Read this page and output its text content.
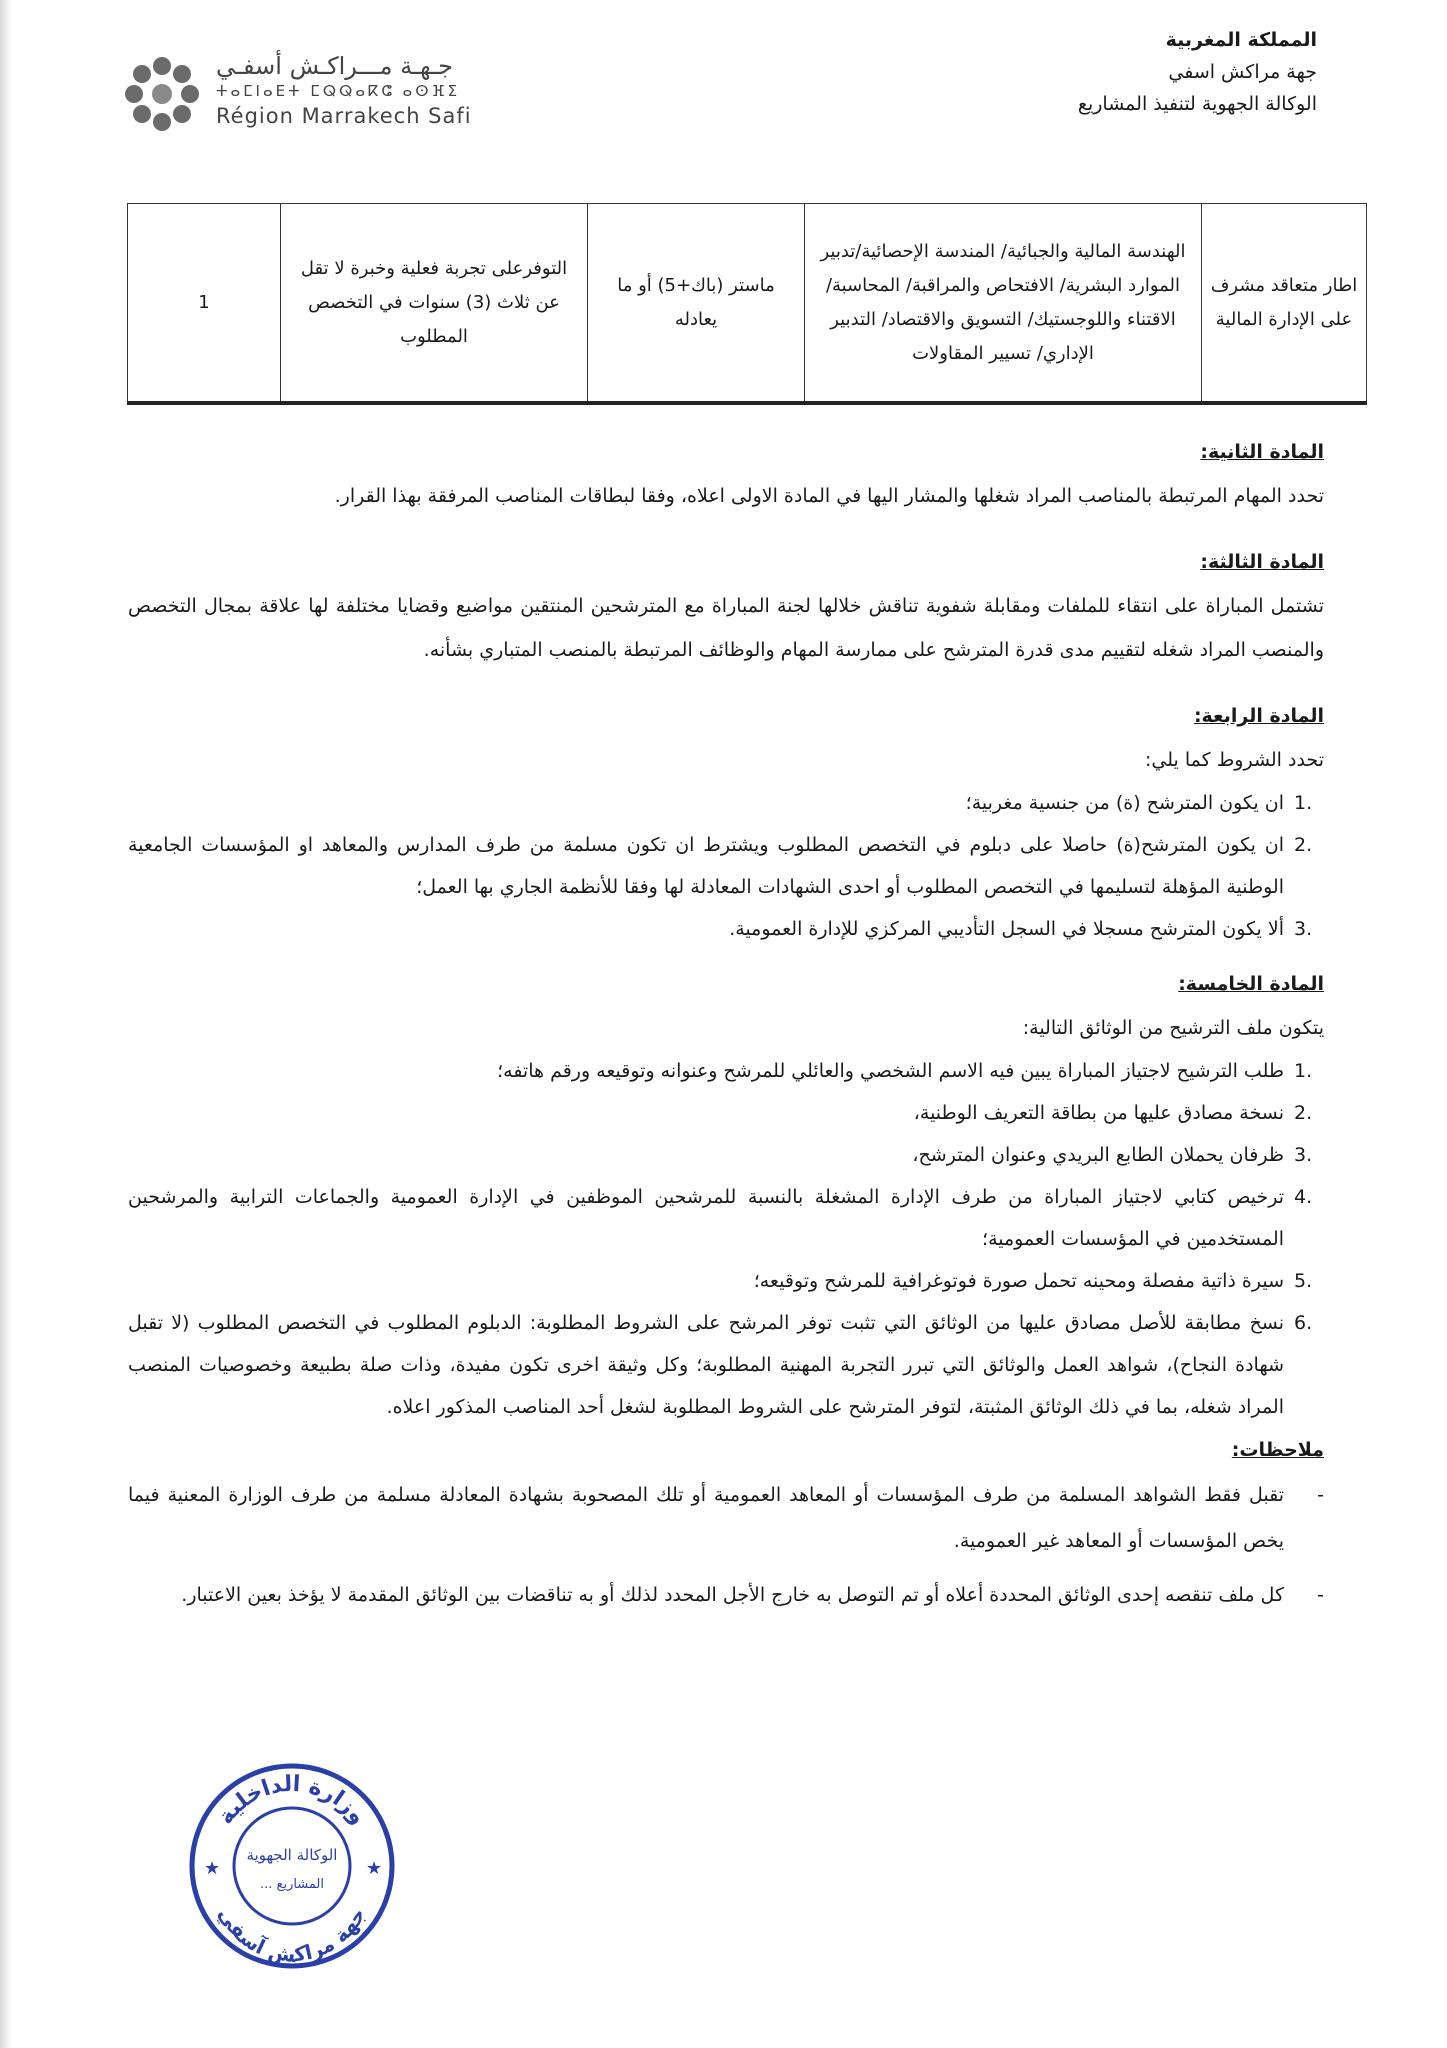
المملكة المغربية
جهة مراكش اسفي
الوكالة الجهوية لتنفيذ المشاريع
جـهـة مـــراكـش أسفـي
ⵜⴰⵎⵏⴰⴹⵜ ⵎⵕⵕⴰⴽⵛ ⴰⵙⴼⵉ
Région Marrakech Safi
اطار متعاقد مشرف على الإدارة المالية	الهندسة المالية والجبائية/ المندسة الإحصائية/تدبير الموارد البشرية/ الافتحاص والمراقبة/ المحاسبة/ الاقتناء واللوجستيك/ التسويق والاقتصاد/ التدبير الإداري/ تسيير المقاولات	ماستر (باك+5) أو ما يعادله	التوفرعلى تجربة فعلية وخبرة لا تقل عن ثلاث (3) سنوات في التخصص المطلوب	1

المادة الثانية:

تحدد المهام المرتبطة بالمناصب المراد شغلها والمشار اليها في المادة الاولى اعلاه، وفقا لبطاقات المناصب المرفقة بهذا القرار.

المادة الثالثة:

تشتمل المباراة على انتقاء للملفات ومقابلة شفوية تناقش خلالها لجنة المباراة مع المترشحين المنتقين مواضيع وقضايا مختلفة لها علاقة بمجال التخصص والمنصب المراد شغله لتقييم مدى قدرة المترشح على ممارسة المهام والوظائف المرتبطة بالمنصب المتباري بشأنه.

المادة الرابعة:

تحدد الشروط كما يلي:

1.
ان يكون المترشح (ة) من جنسية مغربية؛
2.
ان يكون المترشح(ة) حاصلا على دبلوم في التخصص المطلوب ويشترط ان تكون مسلمة من طرف المدارس والمعاهد او المؤسسات الجامعية الوطنية المؤهلة لتسليمها في التخصص المطلوب أو احدى الشهادات المعادلة لها وفقا للأنظمة الجاري بها العمل؛
3.
ألا يكون المترشح مسجلا في السجل التأديبي المركزي للإدارة العمومية.

المادة الخامسة:

يتكون ملف الترشيح من الوثائق التالية:

1.
طلب الترشيح لاجتياز المباراة يبين فيه الاسم الشخصي والعائلي للمرشح وعنوانه وتوقيعه ورقم هاتفه؛
2.
نسخة مصادق عليها من بطاقة التعريف الوطنية،
3.
ظرفان يحملان الطابع البريدي وعنوان المترشح،
4.
ترخيص كتابي لاجتياز المباراة من طرف الإدارة المشغلة بالنسبة للمرشحين الموظفين في الإدارة العمومية والجماعات الترابية والمرشحين المستخدمين في المؤسسات العمومية؛
5.
سيرة ذاتية مفصلة ومحينه تحمل صورة فوتوغرافية للمرشح وتوقيعه؛
6.
نسخ مطابقة للأصل مصادق عليها من الوثائق التي تثبت توفر المرشح على الشروط المطلوبة: الدبلوم المطلوب في التخصص المطلوب (لا تقبل شهادة النجاح)، شواهد العمل والوثائق التي تبرر التجربة المهنية المطلوبة؛ وكل وثيقة اخرى تكون مفيدة، وذات صلة بطبيعة وخصوصيات المنصب المراد شغله، بما في ذلك الوثائق المثبتة، لتوفر المترشح على الشروط المطلوبة لشغل أحد المناصب المذكور اعلاه.

ملاحظات:

-
تقبل فقط الشواهد المسلمة من طرف المؤسسات أو المعاهد العمومية أو تلك المصحوبة بشهادة المعادلة مسلمة من طرف الوزارة المعنية فيما يخص المؤسسات أو المعاهد غير العمومية.
-
كل ملف تنقصه إحدى الوثائق المحددة أعلاه أو تم التوصل به خارج الأجل المحدد لذلك أو به تناقضات بين الوثائق المقدمة لا يؤخذ بعين الاعتبار.
وزارة الداخلية
جهة مراكش آسفي
الوكالة الجهوية
... المشاريع
★	★
